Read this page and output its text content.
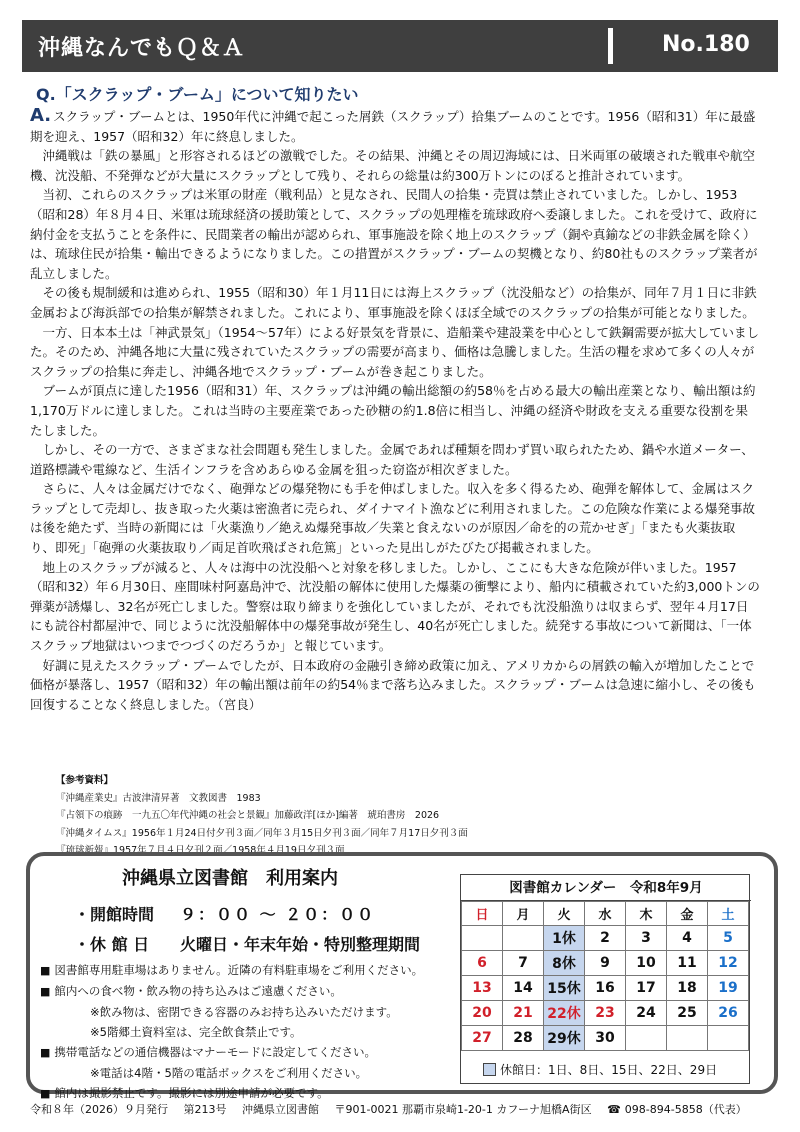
沖縄なんでもＱ＆Ａ	No.180
Q.「スクラップ・ブーム」について知りたい

A. スクラップ・ブームとは、1950年代に沖縄で起こった屑鉄（スクラップ）拾集ブームのことです。1956（昭和31）年に最盛期を迎え、1957（昭和32）年に終息しました。

沖縄戦は「鉄の暴風」と形容されるほどの激戦でした。その結果、沖縄とその周辺海域には、日米両軍の破壊された戦車や航空機、沈没船、不発弾などが大量にスクラップとして残り、それらの総量は約300万トンにのぼると推計されています。

当初、これらのスクラップは米軍の財産（戦利品）と見なされ、民間人の拾集・売買は禁止されていました。しかし、1953（昭和28）年８月４日、米軍は琉球経済の援助策として、スクラップの処理権を琉球政府へ委譲しました。これを受けて、政府に納付金を支払うことを条件に、民間業者の輸出が認められ、軍事施設を除く地上のスクラップ（銅や真鍮などの非鉄金属を除く）は、琉球住民が拾集・輸出できるようになりました。この措置がスクラップ・ブームの契機となり、約80社ものスクラップ業者が乱立しました。

その後も規制緩和は進められ、1955（昭和30）年１月11日には海上スクラップ（沈没船など）の拾集が、同年７月１日に非鉄金属および海浜部での拾集が解禁されました。これにより、軍事施設を除くほぼ全域でのスクラップの拾集が可能となりました。

一方、日本本土は「神武景気」（1954～57年）による好景気を背景に、造船業や建設業を中心として鉄鋼需要が拡大していました。そのため、沖縄各地に大量に残されていたスクラップの需要が高まり、価格は急騰しました。生活の糧を求めて多くの人々がスクラップの拾集に奔走し、沖縄各地でスクラップ・ブームが巻き起こりました。

ブームが頂点に達した1956（昭和31）年、スクラップは沖縄の輸出総額の約58％を占める最大の輸出産業となり、輸出額は約1,170万ドルに達しました。これは当時の主要産業であった砂糖の約1.8倍に相当し、沖縄の経済や財政を支える重要な役割を果たしました。

しかし、その一方で、さまざまな社会問題も発生しました。金属であれば種類を問わず買い取られたため、鍋や水道メーター、道路標識や電線など、生活インフラを含めあらゆる金属を狙った窃盗が相次ぎました。

さらに、人々は金属だけでなく、砲弾などの爆発物にも手を伸ばしました。収入を多く得るため、砲弾を解体して、金属はスクラップとして売却し、抜き取った火薬は密漁者に売られ、ダイナマイト漁などに利用されました。この危険な作業による爆発事故は後を絶たず、当時の新聞には「火薬漁り／絶えぬ爆発事故／失業と食えないのが原因／命を的の荒かせぎ」「またも火薬抜取り、即死」「砲弾の火薬抜取り／両足首吹飛ばされ危篤」といった見出しがたびたび掲載されました。

地上のスクラップが減ると、人々は海中の沈没船へと対象を移しました。しかし、ここにも大きな危険が伴いました。1957（昭和32）年６月30日、座間味村阿嘉島沖で、沈没船の解体に使用した爆薬の衝撃により、船内に積載されていた約3,000トンの弾薬が誘爆し、32名が死亡しました。警察は取り締まりを強化していましたが、それでも沈没船漁りは収まらず、翌年４月17日にも読谷村都屋沖で、同じように沈没船解体中の爆発事故が発生し、40名が死亡しました。続発する事故について新聞は、「一体スクラップ地獄はいつまでつづくのだろうか」と報じています。

好調に見えたスクラップ・ブームでしたが、日本政府の金融引き締め政策に加え、アメリカからの屑鉄の輸入が増加したことで価格が暴落し、1957（昭和32）年の輸出額は前年の約54％まで落ち込みました。スクラップ・ブームは急速に縮小し、その後も回復することなく終息しました。（宮良）

【参考資料】
『沖縄産業史』古波津清昇著　文教図書　1983
『占領下の痕跡　一九五〇年代沖縄の社会と景観』加藤政洋[ほか]編著　琥珀書房　2026
『沖縄タイムス』1956年１月24日付夕刊３面／同年３月15日夕刊３面／同年７月17日夕刊３面
『琉球新報』1957年７月４日夕刊２面／1958年４月19日夕刊３面
沖縄県立図書館　利用案内
・開館時間 ９：００ ～ ２０：００
・休 館 日 火曜日・年末年始・特別整理期間
■ 図書館専用駐車場はありません。近隣の有料駐車場をご利用ください。
■ 館内への食べ物・飲み物の持ち込みはご遠慮ください。
※飲み物は、密閉できる容器のみお持ち込みいただけます。
※5階郷土資料室は、完全飲食禁止です。
■ 携帯電話などの通信機器はマナーモードに設定してください。
※電話は4階・5階の電話ボックスをご利用ください。
■ 館内は撮影禁止です。撮影には別途申請が必要です。
図書館カレンダー　令和8年9月
日	月	火	水	木	金	土
		1休	2	3	4	5
6	7	8休	9	10	11	12
13	14	15休	16	17	18	19
20	21	22休	23	24	25	26
27	28	29休	30			
休館日：1日、8日、15日、22日、29日
令和８年（2026）９月発行 第213号 沖縄県立図書館 〒901-0021 那覇市泉崎1-20-1 カフーナ旭橋A街区 ☎ 098-894-5858（代表）
